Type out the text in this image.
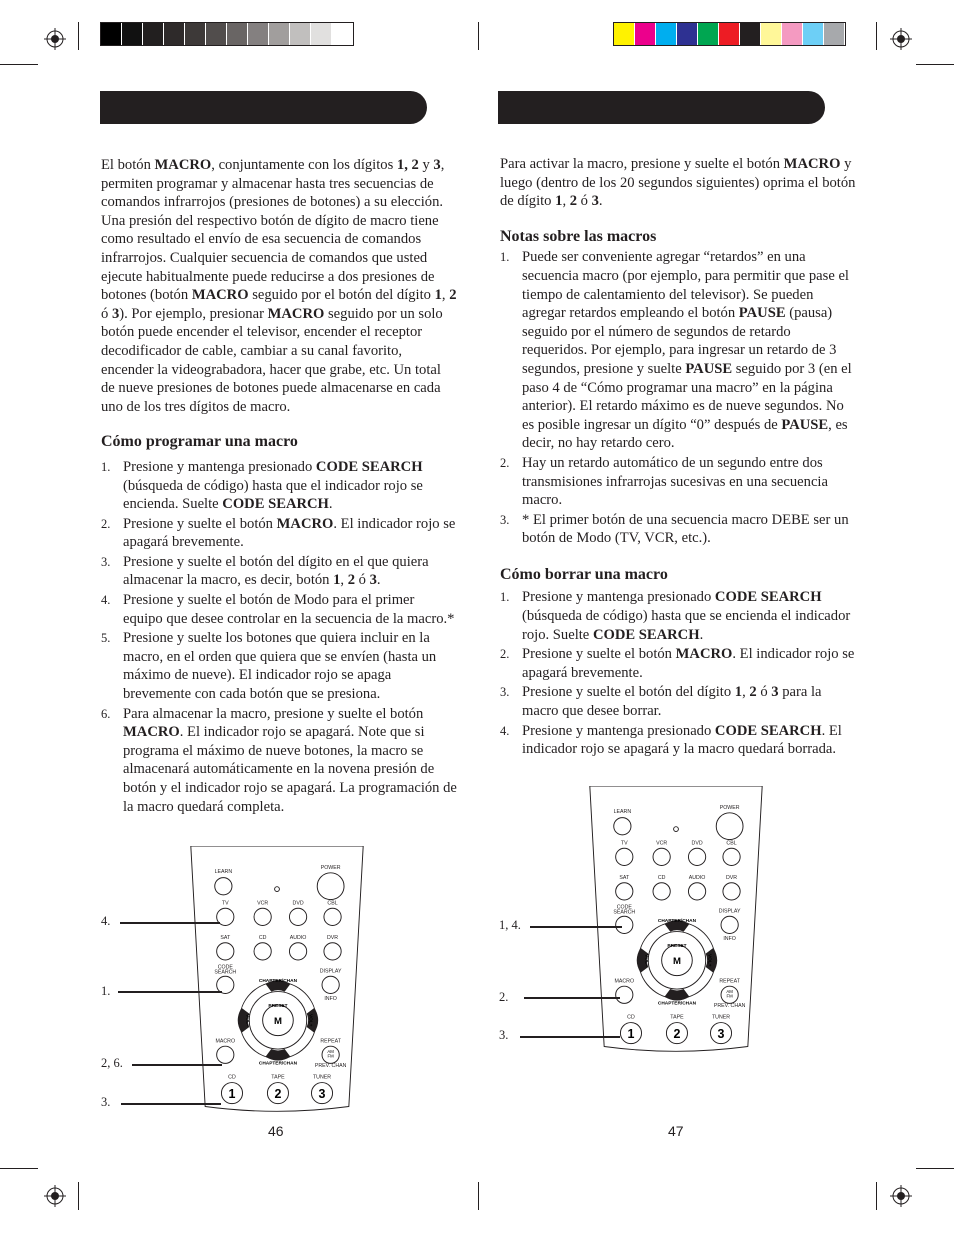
El botón MACRO, conjuntamente con los dígitos 1, 2 y 3, permiten programar y almacenar hasta tres secuencias de comandos infrarrojos (presiones de botones) a su elección. Una presión del respectivo botón de dígito de macro tiene como resultado el envío de esa secuencia de comandos infrarrojos. Cualquier secuencia de comandos que usted ejecute habitualmente puede reducirse a dos presiones de botones (botón MACRO seguido por el botón del dígito 1, 2 ó 3). Por ejemplo, presionar MACRO seguido por un solo botón puede encender el televisor, encender el receptor decodificador de cable, cambiar a su canal favorito, encender la videograbadora, hacer que grabe, etc. Un total de nueve presiones de botones puede almacenarse en cada uno de los tres dígitos de macro.

Cómo programar una macro
1. Presione y mantenga presionado CODE SEARCH (búsqueda de código) hasta que el indicador rojo se encienda. Suelte CODE SEARCH.
2. Presione y suelte el botón MACRO. El indicador rojo se apagará brevemente.
3. Presione y suelte el botón del dígito en el que quiera almacenar la macro, es decir, botón 1, 2 ó 3.
4. Presione y suelte el botón de Modo para el primer equipo que desee controlar en la secuencia de la macro.*
5. Presione y suelte los botones que quiera incluir en la macro, en el orden que quiera que se envíen (hasta un máximo de nueve). El indicador rojo se apaga brevemente con cada botón que se presiona.
6. Para almacenar la macro, presione y suelte el botón MACRO. El indicador rojo se apagará. Note que si programa el máximo de nueve botones, la macro se almacenará automáticamente en la novena presión de botón y el indicador rojo se apagará. La programación de la macro quedará completa.

Para activar la macro, presione y suelte el botón MACRO y luego (dentro de los 20 segundos siguientes) oprima el botón de dígito 1, 2 ó 3.

Notas sobre las macros
1. Puede ser conveniente agregar “retardos” en una secuencia macro (por ejemplo, para permitir que pase el tiempo de calentamiento del televisor). Se pueden agregar retardos empleando el botón PAUSE (pausa) seguido por el número de segundos de retardo requeridos. Por ejemplo, para ingresar un retardo de 3 segundos, presione y suelte PAUSE seguido por 3 (en el paso 4 de “Cómo programar una macro” en la página anterior). El retardo máximo es de nueve segundos. No es posible ingresar un dígito “0” después de PAUSE, es decir, no hay retardo cero.
2. Hay un retardo automático de un segundo entre dos transmisiones infrarrojas sucesivas en una secuencia macro.
3. * El primer botón de una secuencia macro DEBE ser un botón de Modo (TV, VCR, etc.).
Cómo borrar una macro
1. Presione y mantenga presionado CODE SEARCH (búsqueda de código) hasta que se encienda el indicador rojo. Suelte CODE SEARCH.
2. Presione y suelte el botón MACRO. El indicador rojo se apagará brevemente.
3. Presione y suelte el botón del dígito 1, 2 ó 3 para la macro que desee borrar.
4. Presione y mantenga presionado CODE SEARCH. El indicador rojo se apagará y la macro quedará borrada.
LEARN
POWER
TV	VCR	DVD	CBL
SAT	CD	AUDIO	DVR
CODE
SEARCH	DISPLAY
INFO
MACRO	REPEAT
PREV. CHAN
CD	TAPE	TUNER
AM
FM
M
PRESET
CHAPTER/CHAN
CHAPTER/CHAN
VOL–	VOL+
1	2	3
LEARN
POWER
TV	VCR	DVD	CBL
SAT	CD	AUDIO	DVR
CODE
SEARCH	DISPLAY
INFO
MACRO	REPEAT
PREV. CHAN
CD	TAPE	TUNER
AM
FM
M
PRESET
CHAPTER/CHAN
CHAPTER/CHAN
VOL–	VOL+
1	2	3
4.
1.
2, 6.
3.
46
1, 4.
2.
3.
47
